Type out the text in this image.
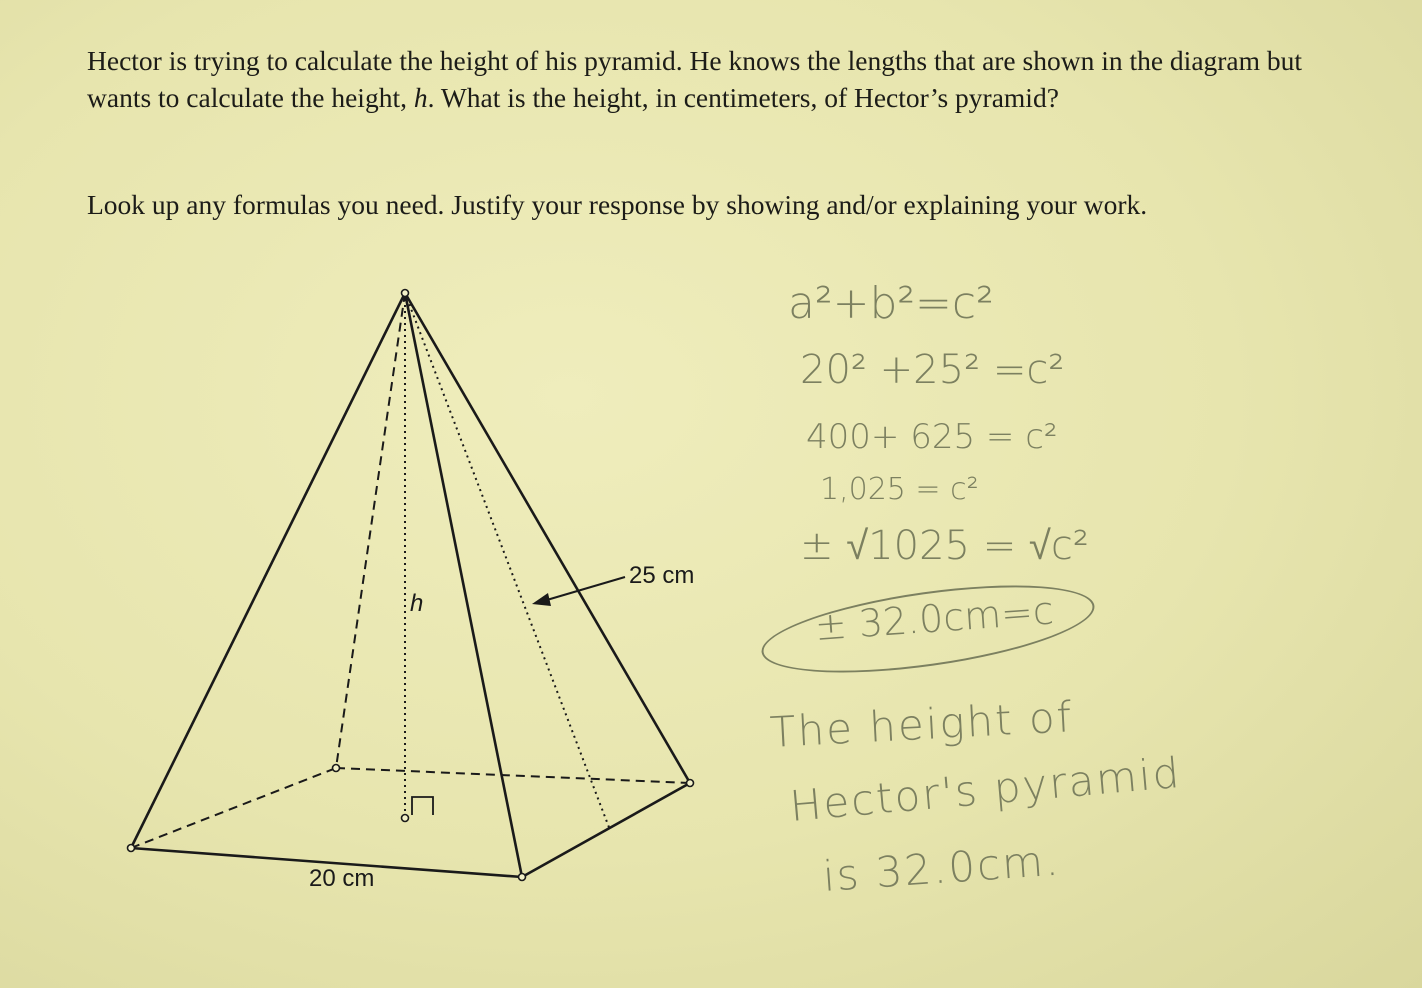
Hector is trying to calculate the height of his pyramid. He knows the lengths that are shown in the diagram but wants to calculate the height, h. What is the height, in centimeters, of Hector’s pyramid?

Look up any formulas you need. Justify your response by showing and/or explaining your work.

25 cm
20 cm
h
a²+b²=c²
20² +25² =c²
400+ 625 = c²
1,025 = c²
± √1025 = √c²
± 32.0cm=c
The height of
Hector's pyramid
is 32.0cm.
